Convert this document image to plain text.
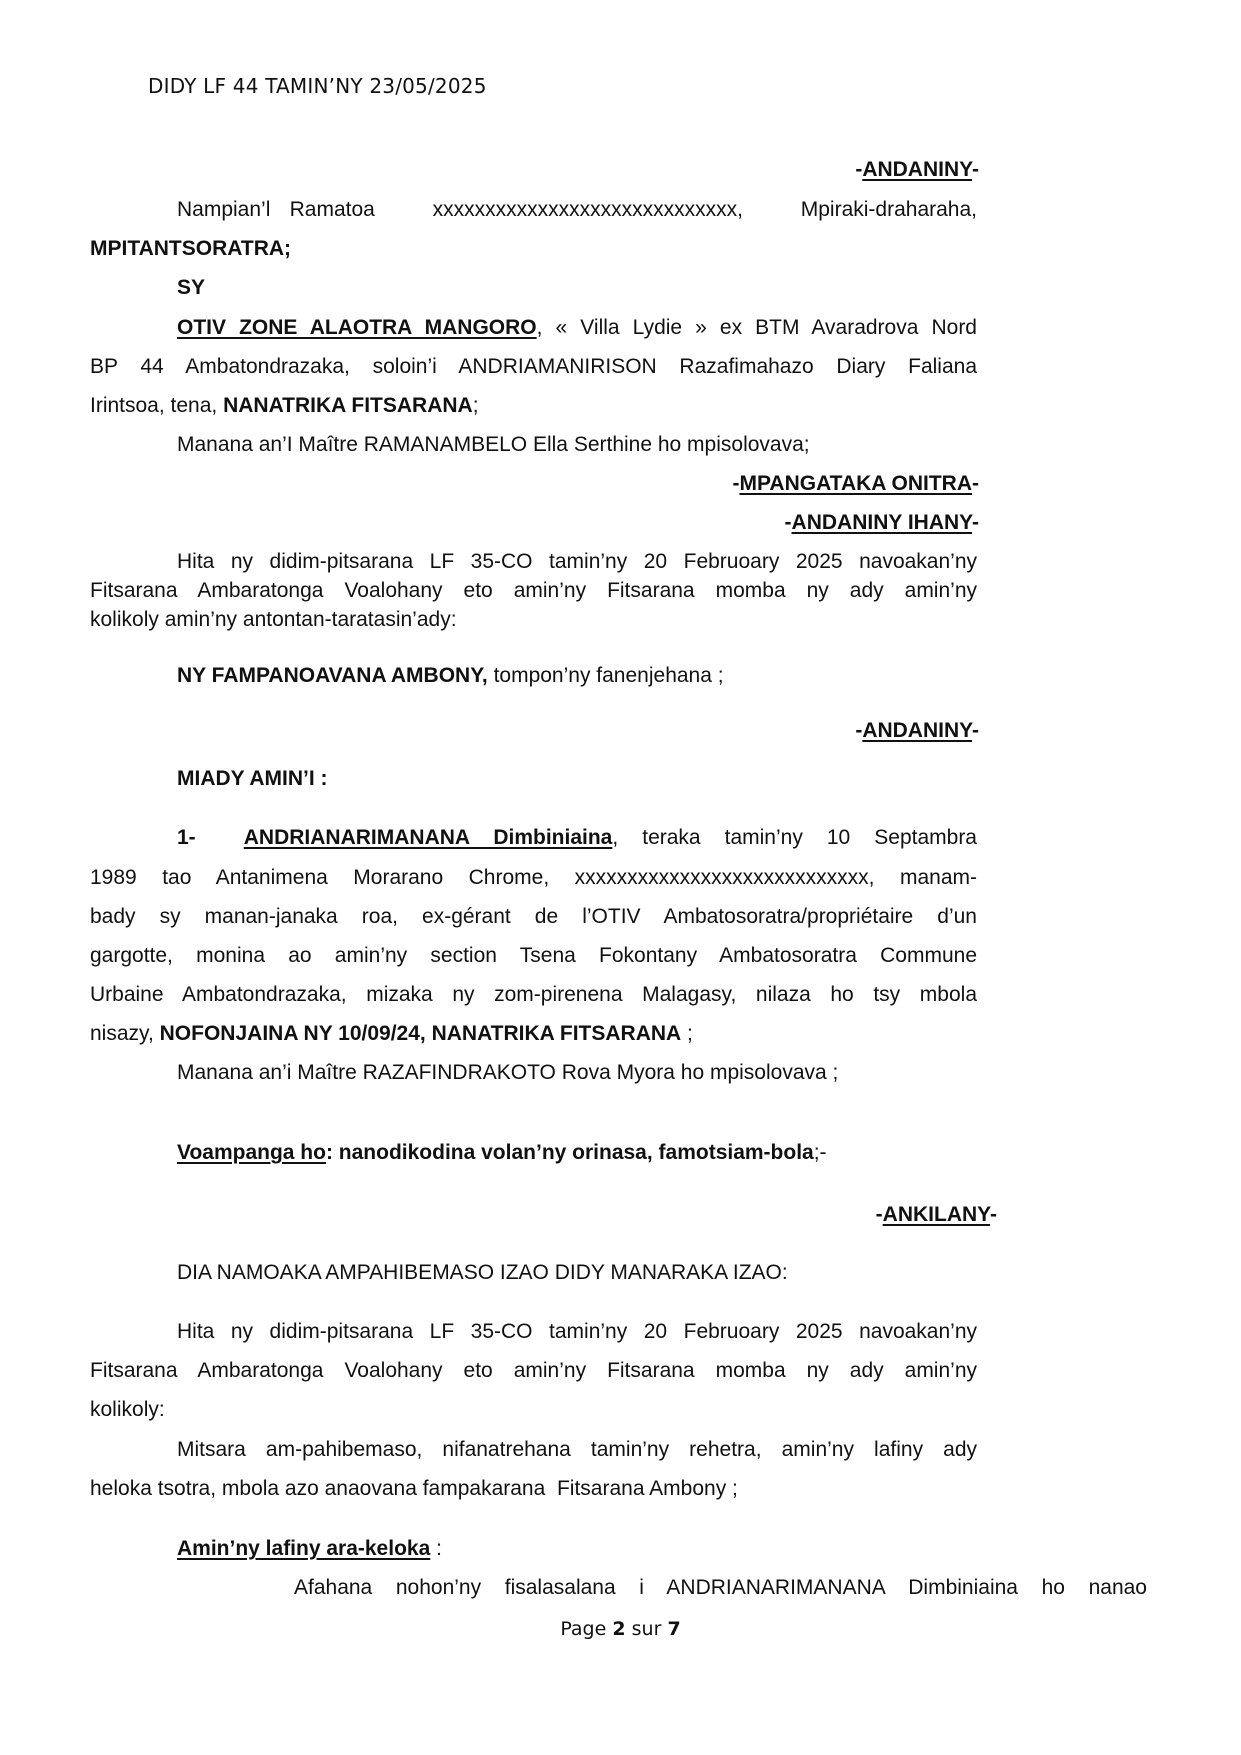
DIDY LF 44 TAMIN’NY 23/05/2025
-ANDANINY-
Nampian’l Ramatoa	xxxxxxxxxxxxxxxxxxxxxxxxxxxxx,	Mpiraki-draharaha,
MPITANTSORATRA;
SY
OTIV ZONE ALAOTRA MANGORO, « Villa Lydie » ex BTM Avaradrova Nord
BP 44 Ambatondrazaka, soloin’i ANDRIAMANIRISON Razafimahazo Diary Faliana
Irintsoa, tena, NANATRIKA FITSARANA;
Manana an’I Maître RAMANAMBELO Ella Serthine ho mpisolovava;
-MPANGATAKA ONITRA-
-ANDANINY IHANY-
Hita ny didim-pitsarana LF 35-CO tamin’ny 20 Februoary 2025 navoakan’ny
Fitsarana Ambaratonga Voalohany eto amin’ny Fitsarana momba ny ady amin’ny
kolikoly amin’ny antontan-taratasin’ady:
NY FAMPANOAVANA AMBONY, tompon’ny fanenjehana ;
-ANDANINY-
MIADY AMIN’I :
1- ANDRIANARIMANANA Dimbiniaina, teraka tamin’ny 10 Septambra
1989 tao Antanimena Morarano Chrome, xxxxxxxxxxxxxxxxxxxxxxxxxxxx, manam-
bady sy manan-janaka roa, ex-gérant de l’OTIV Ambatosoratra/propriétaire d’un
gargotte, monina ao amin’ny section Tsena Fokontany Ambatosoratra Commune
Urbaine Ambatondrazaka, mizaka ny zom-pirenena Malagasy, nilaza ho tsy mbola
nisazy, NOFONJAINA NY 10/09/24, NANATRIKA FITSARANA ;
Manana an’i Maître RAZAFINDRAKOTO Rova Myora ho mpisolovava ;
Voampanga ho: nanodikodina volan’ny orinasa, famotsiam-bola;-
-ANKILANY-
DIA NAMOAKA AMPAHIBEMASO IZAO DIDY MANARAKA IZAO:
Hita ny didim-pitsarana LF 35-CO tamin’ny 20 Februoary 2025 navoakan’ny
Fitsarana Ambaratonga Voalohany eto amin’ny Fitsarana momba ny ady amin’ny
kolikoly:
Mitsara am-pahibemaso, nifanatrehana tamin’ny rehetra, amin’ny lafiny ady
heloka tsotra, mbola azo anaovana fampakarana  Fitsarana Ambony ;
Amin’ny lafiny ara-keloka :
Afahana nohon’ny fisalasalana i ANDRIANARIMANANA Dimbiniaina ho nanao
Page 2 sur 7
